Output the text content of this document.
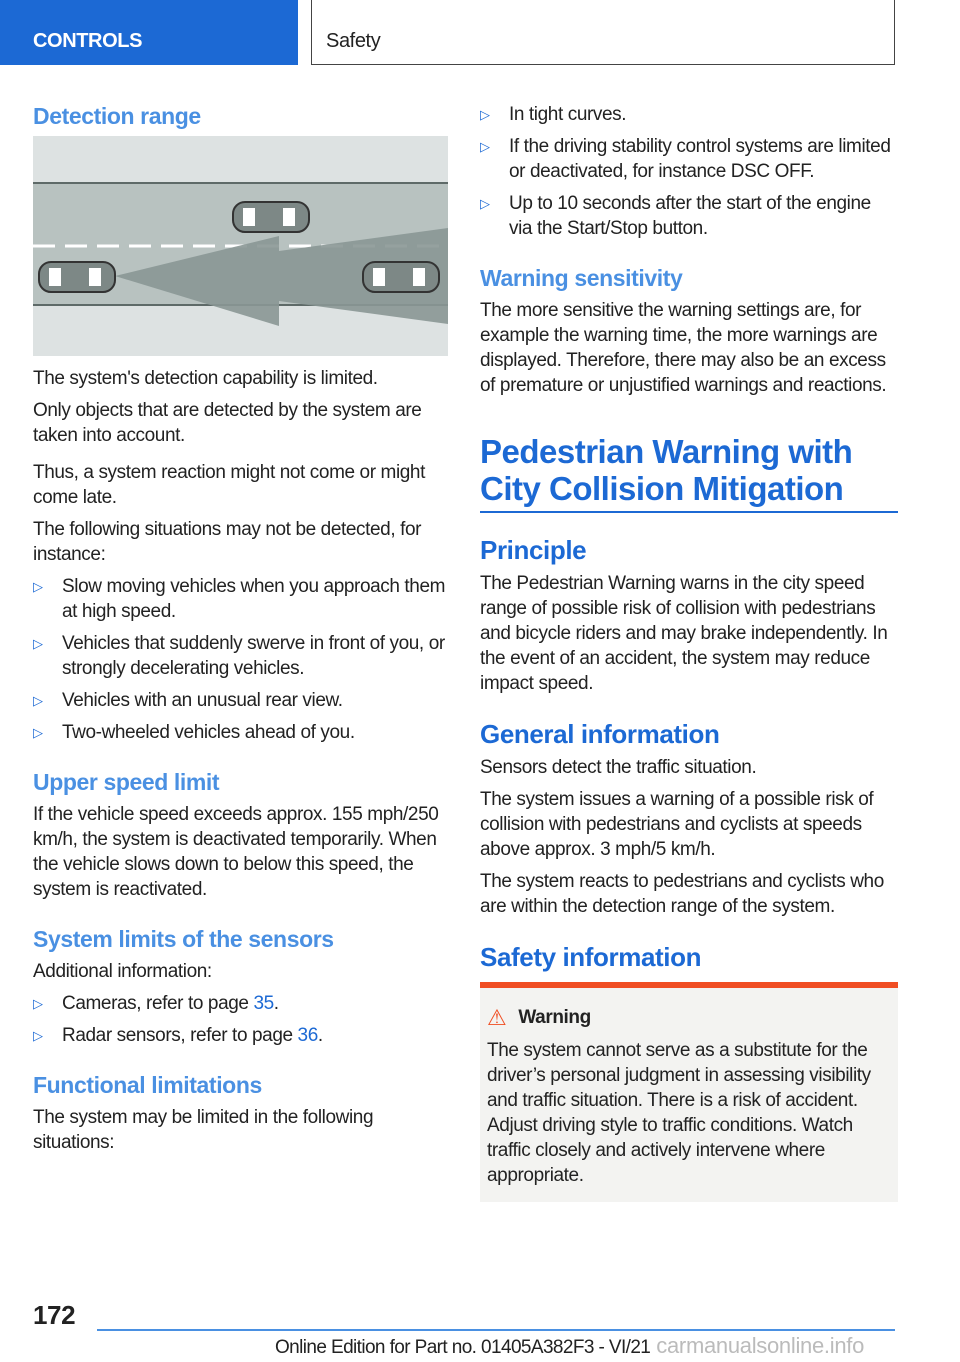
CONTROLS	Safety
Detection range
The system's detection capability is limited.
Only objects that are detected by the system are taken into account.
Thus, a system reaction might not come or might come late.
The following situations may not be detected, for instance:
▷ Slow moving vehicles when you approach them at high speed.
▷ Vehicles that suddenly swerve in front of you, or strongly decelerating vehicles.
▷ Vehicles with an unusual rear view.
▷ Two-wheeled vehicles ahead of you.
Upper speed limit
If the vehicle speed exceeds approx. 155 mph/250 km/h, the system is deactivated temporarily. When the vehicle slows down to below this speed, the system is reactivated.
System limits of the sensors
Additional information:
▷ Cameras, refer to page 35.
▷ Radar sensors, refer to page 36.
Functional limitations
The system may be limited in the following situations:
▷ In tight curves.
▷ If the driving stability control systems are limited or deactivated, for instance DSC OFF.
▷ Up to 10 seconds after the start of the engine via the Start/Stop button.
Warning sensitivity
The more sensitive the warning settings are, for example the warning time, the more warnings are displayed. Therefore, there may also be an excess of premature or unjustified warnings and reactions.
Pedestrian Warning with City Collision Mitigation
Principle
The Pedestrian Warning warns in the city speed range of possible risk of collision with pedestrians and bicycle riders and may brake independently. In the event of an accident, the system may reduce impact speed.
General information
Sensors detect the traffic situation.
The system issues a warning of a possible risk of collision with pedestrians and cyclists at speeds above approx. 3 mph/5 km/h.
The system reacts to pedestrians and cyclists who are within the detection range of the system.
Safety information
⚠ Warning
The system cannot serve as a substitute for the driver’s personal judgment in assessing visibility and traffic situation. There is a risk of accident. Adjust driving style to traffic conditions. Watch traffic closely and actively intervene where appropriate.
172
Online Edition for Part no. 01405A382F3 - VI/21 carmanualsonline.info
